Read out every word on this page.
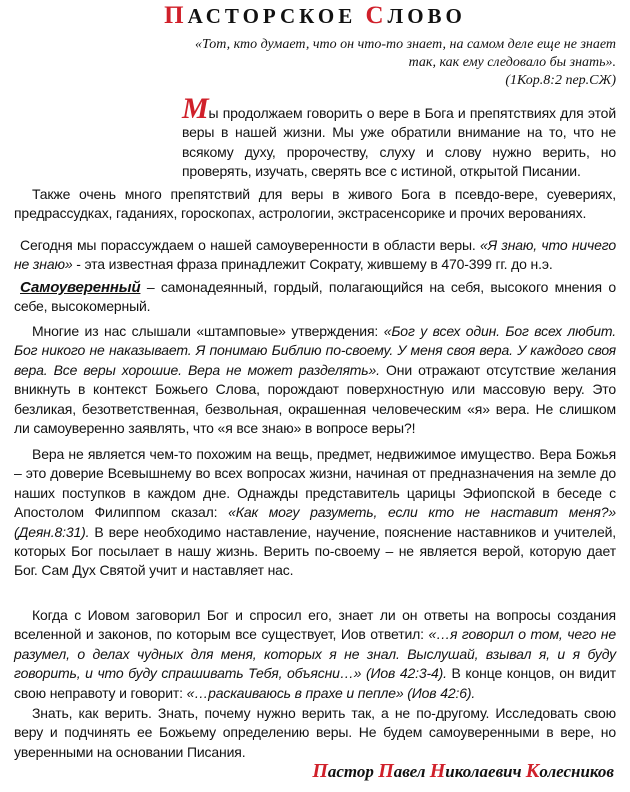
ПАСТОРСКОЕ СЛОВО
«Тот, кто думает, что он что-то знает, на самом деле еще не знает так, как ему следовало бы знать».
(1Кор.8:2 пер.СЖ)

Мы продолжаем говорить о вере в Бога и препятствиях для этой веры в нашей жизни. Мы уже обратили внимание на то, что не всякому духу, пророчеству, слуху и слову нужно верить, но проверять, изучать, сверять все с истиной, открытой Писании.

Также очень много препятствий для веры в живого Бога в псевдо-вере, суевериях, предрассудках, гаданиях, гороскопах, астрологии, экстрасенсорике и прочих верованиях.

Сегодня мы порассуждаем о нашей самоуверенности в области веры. «Я знаю, что ничего не знаю» - эта известная фраза принадлежит Сократу, жившему в 470-399 гг. до н.э.

Самоуверенный – самонадеянный, гордый, полагающийся на себя, высокого мнения о себе, высокомерный.

Многие из нас слышали «штамповые» утверждения: «Бог у всех один. Бог всех любит. Бог никого не наказывает. Я понимаю Библию по-своему. У меня своя вера. У каждого своя вера. Все веры хорошие. Вера не может разделять». Они отражают отсутствие желания вникнуть в контекст Божьего Слова, порождают поверхностную или массовую веру. Это безликая, безответственная, безвольная, окрашенная человеческим «я» вера. Не слишком ли самоуверенно заявлять, что «я все знаю» в вопросе веры?!

Вера не является чем-то похожим на вещь, предмет, недвижимое имущество. Вера Божья – это доверие Всевышнему во всех вопросах жизни, начиная от предназначения на земле до наших поступков в каждом дне. Однажды представитель царицы Эфиопской в беседе с Апостолом Филиппом сказал: «Как могу разуметь, если кто не наставит меня?» (Деян.8:31). В вере необходимо наставление, научение, пояснение наставников и учителей, которых Бог посылает в нашу жизнь. Верить по-своему – не является верой, которую дает Бог. Сам Дух Святой учит и наставляет нас.

Когда с Иовом заговорил Бог и спросил его, знает ли он ответы на вопросы создания вселенной и законов, по которым все существует, Иов ответил: «…я говорил о том, чего не разумел, о делах чудных для меня, которых я не знал. Выслушай, взывал я, и я буду говорить, и что буду спрашивать Тебя, объясни…» (Иов 42:3-4). В конце концов, он видит свою неправоту и говорит: «…раскаиваюсь в прахе и пепле» (Иов 42:6).

Знать, как верить. Знать, почему нужно верить так, а не по-другому. Исследовать свою веру и подчинять ее Божьему определению веры. Не будем самоуверенными в вере, но уверенными на основании Писания.

Пастор Павел Николаевич Колесников
